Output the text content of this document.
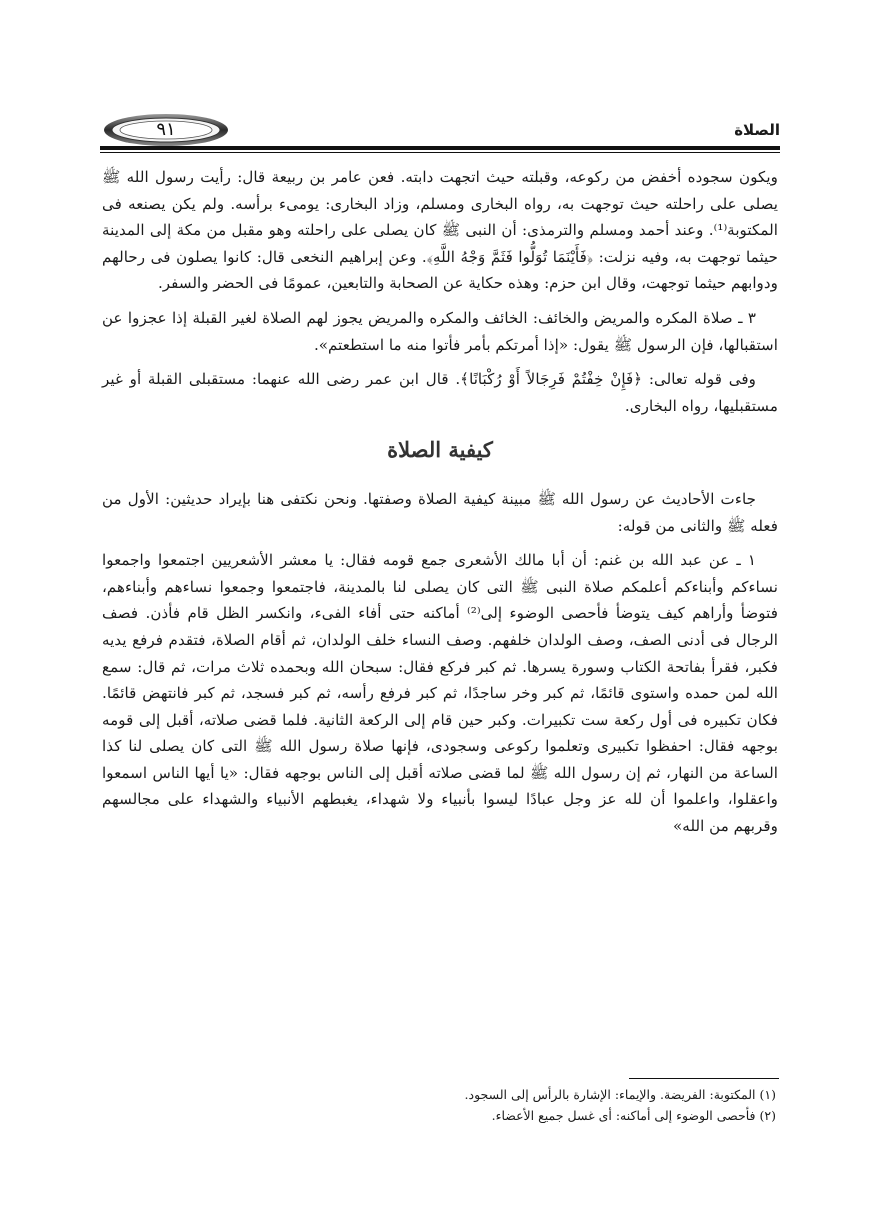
٩١	الصلاة

ويكون سجوده أخفض من ركوعه، وقبلته حيث اتجهت دابته. فعن عامر بن ربيعة قال: رأيت رسول الله ﷺ يصلى على راحلته حيث توجهت به، رواه البخارى ومسلم، وزاد البخارى: يومىء برأسه. ولم يكن يصنعه فى المكتوبة⁽¹⁾. وعند أحمد ومسلم والترمذى: أن النبى ﷺ كان يصلى على راحلته وهو مقبل من مكة إلى المدينة حيثما توجهت به، وفيه نزلت: ﴿فَأَيْنَمَا تُوَلُّوا فَثَمَّ وَجْهُ اللَّهِ﴾. وعن إبراهيم النخعى قال: كانوا يصلون فى رحالهم ودوابهم حيثما توجهت، وقال ابن حزم: وهذه حكاية عن الصحابة والتابعين، عمومًا فى الحضر والسفر.

٣ ـ صلاة المكره والمريض والخائف: الخائف والمكره والمريض يجوز لهم الصلاة لغير القبلة إذا عجزوا عن استقبالها، فإن الرسول ﷺ يقول: «إذا أمرتكم بأمر فأتوا منه ما استطعتم».

وفى قوله تعالى: ﴿فَإِنْ خِفْتُمْ فَرِجَالاً أَوْ رُكْبَانًا﴾. قال ابن عمر رضى الله عنهما: مستقبلى القبلة أو غير مستقبليها، رواه البخارى.

كيفية الصلاة

جاءت الأحاديث عن رسول الله ﷺ مبينة كيفية الصلاة وصفتها. ونحن نكتفى هنا بإيراد حديثين: الأول من فعله ﷺ والثانى من قوله:

١ ـ عن عبد الله بن غنم: أن أبا مالك الأشعرى جمع قومه فقال: يا معشر الأشعريين اجتمعوا واجمعوا نساءكم وأبناءكم أعلمكم صلاة النبى ﷺ التى كان يصلى لنا بالمدينة، فاجتمعوا وجمعوا نساءهم وأبناءهم، فتوضأ وأراهم كيف يتوضأ فأحصى الوضوء إلى⁽²⁾ أماكنه حتى أفاء الفىء، وانكسر الظل قام فأذن. فصف الرجال فى أدنى الصف، وصف الولدان خلفهم. وصف النساء خلف الولدان، ثم أقام الصلاة، فتقدم فرفع يديه فكبر، فقرأ بفاتحة الكتاب وسورة يسرها. ثم كبر فركع فقال: سبحان الله وبحمده ثلاث مرات، ثم قال: سمع الله لمن حمده واستوى قائمًا، ثم كبر وخر ساجدًا، ثم كبر فرفع رأسه، ثم كبر فسجد، ثم كبر فانتهض قائمًا. فكان تكبيره فى أول ركعة ست تكبيرات. وكبر حين قام إلى الركعة الثانية. فلما قضى صلاته، أقبل إلى قومه بوجهه فقال: احفظوا تكبيرى وتعلموا ركوعى وسجودى، فإنها صلاة رسول الله ﷺ التى كان يصلى لنا كذا الساعة من النهار، ثم إن رسول الله ﷺ لما قضى صلاته أقبل إلى الناس بوجهه فقال: «يا أيها الناس اسمعوا واعقلوا، واعلموا أن لله عز وجل عبادًا ليسوا بأنبياء ولا شهداء، يغبطهم الأنبياء والشهداء على مجالسهم وقربهم من الله»

(١) المكتوبة: الفريضة. والإيماء: الإشارة بالرأس إلى السجود.

(٢) فأحصى الوضوء إلى أماكنه: أى غسل جميع الأعضاء.
